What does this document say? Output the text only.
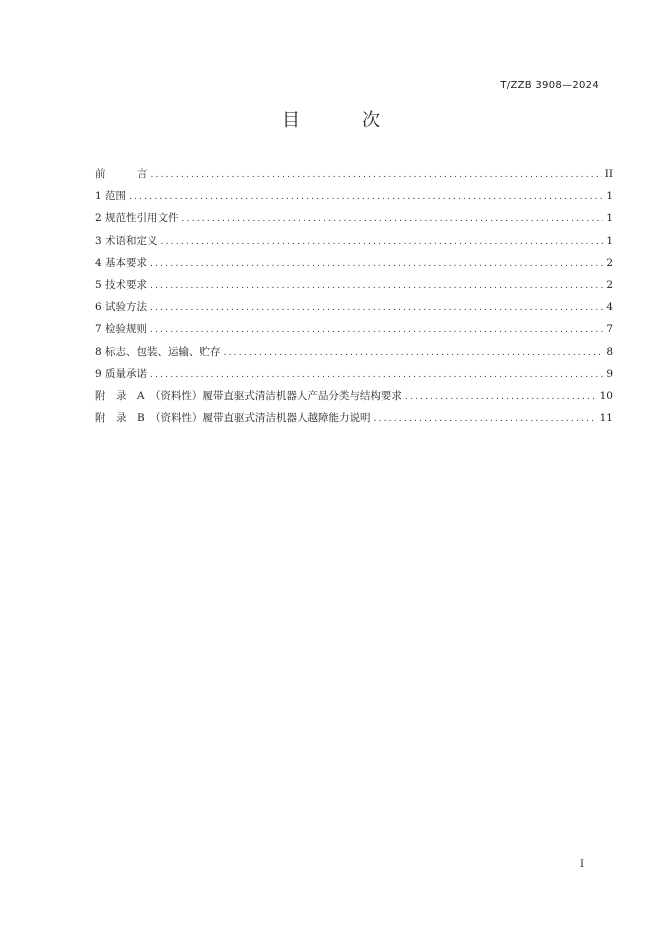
T/ZZB 3908—2024
目　次
前　　　言 .....	II
1 范围 .....	1
2 规范性引用文件 .....	1
3 术语和定义 .....	1
4 基本要求 .....	2
5 技术要求 .....	2
6 试验方法 .....	4
7 检验规则 .....	7
8 标志、包装、运输、贮存 .....	8
9 质量承诺 .....	9
附　录　A　（资料性）履带直驱式清洁机器人产品分类与结构要求 .....	10
附　录　B　（资料性）履带直驱式清洁机器人越障能力说明 .....	11
I
